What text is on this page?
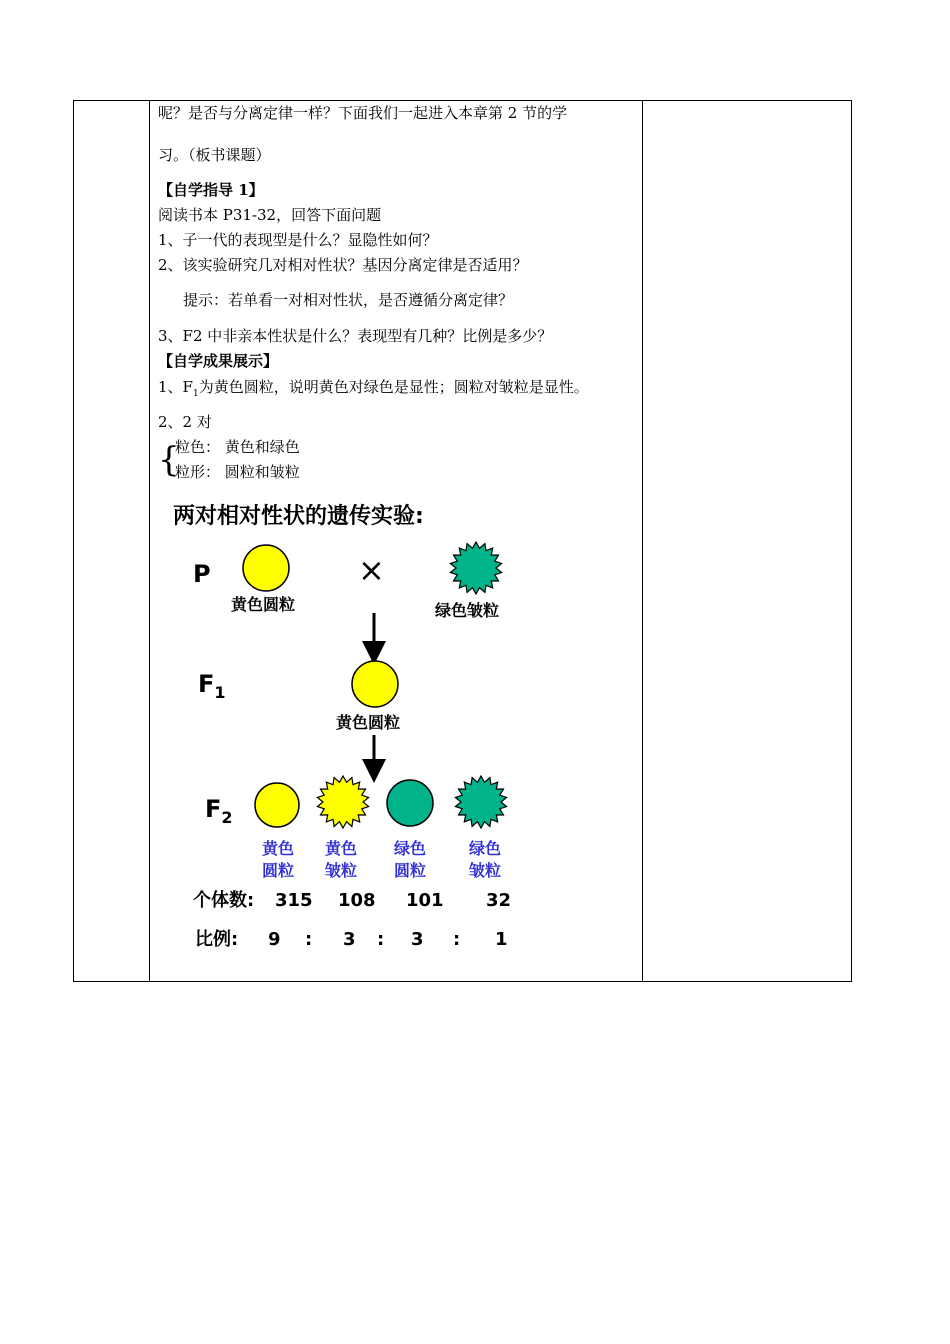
呢？是否与分离定律一样？下面我们一起进入本章第 2 节的学
习。（板书课题）
【自学指导 1】
阅读书本 P31-32，回答下面问题
1、子一代的表现型是什么？显隐性如何？
2、该实验研究几对相对性状？基因分离定律是否适用？
提示：若单看一对相对性状，是否遵循分离定律？
3、F2 中非亲本性状是什么？表现型有几种？比例是多少？
【自学成果展示】
1、$F_1$为黄色圆粒，说明黄色对绿色是显性；圆粒对皱粒是显性。
2、2 对
{
粒色： 黄色和绿色
粒形： 圆粒和皱粒
两对相对性状的遗传实验:
P
黄色圆粒
×
绿色皱粒
$F_1$
黄色圆粒
$F_2$
黄色
圆粒
黄色
皱粒
绿色
圆粒
绿色
皱粒
个体数: 315 108 101 32
比例: 9 : 3 : 3 : 1
